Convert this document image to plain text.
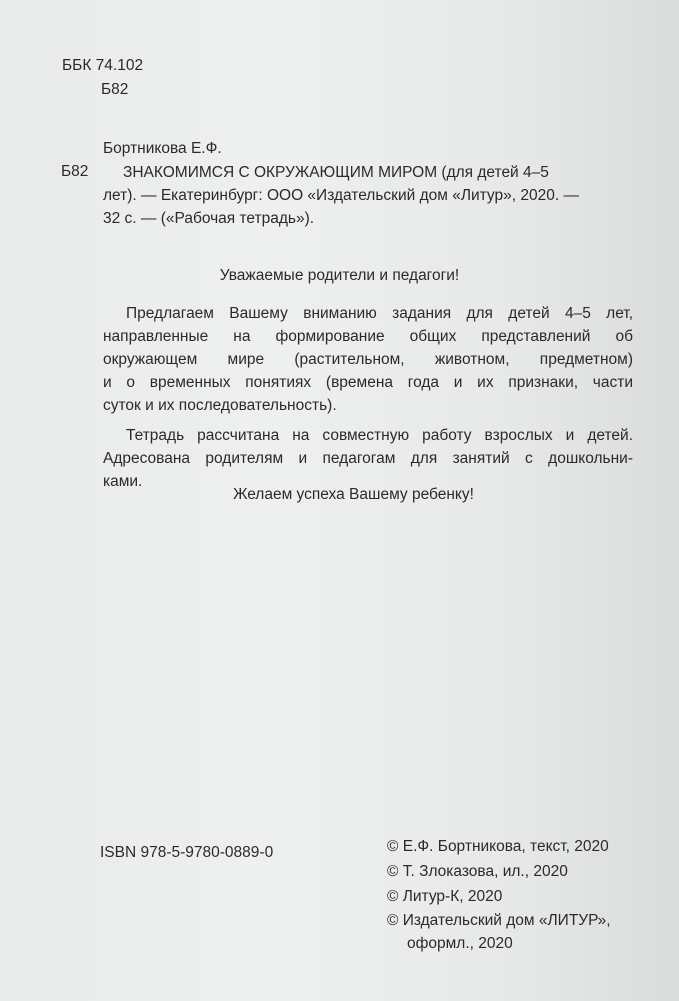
ББК 74.102
Б82
Бортникова Е.Ф.
Б82	ЗНАКОМИМСЯ С ОКРУЖАЮЩИМ МИРОМ (для детей 4–5
лет). — Екатеринбург: ООО «Издательский дом «Литур», 2020. —
32 с. — («Рабочая тетрадь»).
Уважаемые родители и педагоги!
Предлагаем Вашему вниманию задания для детей 4–5 лет,
направленные на формирование общих представлений об
окружающем мире (растительном, животном, предметном)
и о временных понятиях (времена года и их признаки, части
суток и их последовательность).
Тетрадь рассчитана на совместную работу взрослых и детей.
Адресована родителям и педагогам для занятий с дошкольни-
ками.
Желаем успеха Вашему ребенку!
ISBN 978-5-9780-0889-0	© Е.Ф. Бортникова, текст, 2020
© Т. Злоказова, ил., 2020
© Литур-К, 2020
© Издательский дом «ЛИТУР»,
оформл., 2020
